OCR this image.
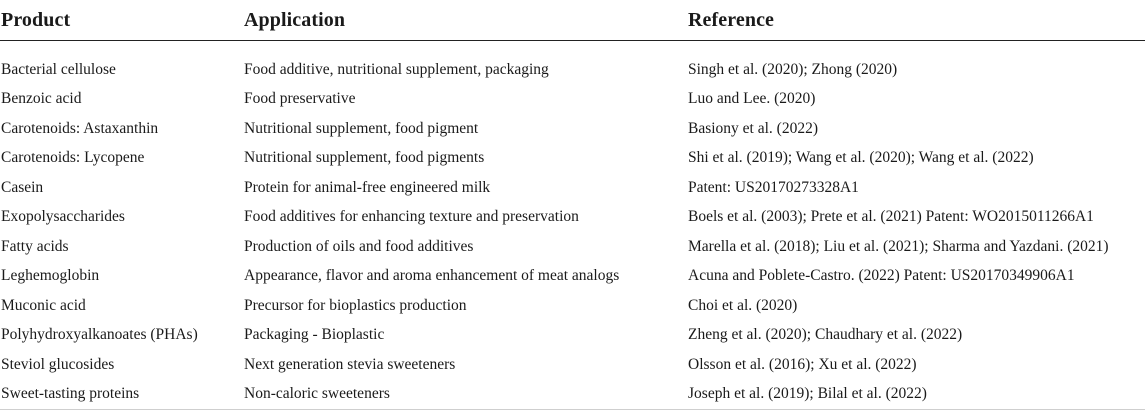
Product	Application	Reference
Bacterial cellulose	Food additive, nutritional supplement, packaging	Singh et al. (2020); Zhong (2020)
Benzoic acid	Food preservative	Luo and Lee. (2020)
Carotenoids: Astaxanthin	Nutritional supplement, food pigment	Basiony et al. (2022)
Carotenoids: Lycopene	Nutritional supplement, food pigments	Shi et al. (2019); Wang et al. (2020); Wang et al. (2022)
Casein	Protein for animal-free engineered milk	Patent: US20170273328A1
Exopolysaccharides	Food additives for enhancing texture and preservation	Boels et al. (2003); Prete et al. (2021) Patent: WO2015011266A1
Fatty acids	Production of oils and food additives	Marella et al. (2018); Liu et al. (2021); Sharma and Yazdani. (2021)
Leghemoglobin	Appearance, flavor and aroma enhancement of meat analogs	Acuna and Poblete-Castro. (2022) Patent: US20170349906A1
Muconic acid	Precursor for bioplastics production	Choi et al. (2020)
Polyhydroxyalkanoates (PHAs)	Packaging - Bioplastic	Zheng et al. (2020); Chaudhary et al. (2022)
Steviol glucosides	Next generation stevia sweeteners	Olsson et al. (2016); Xu et al. (2022)
Sweet-tasting proteins	Non-caloric sweeteners	Joseph et al. (2019); Bilal et al. (2022)
